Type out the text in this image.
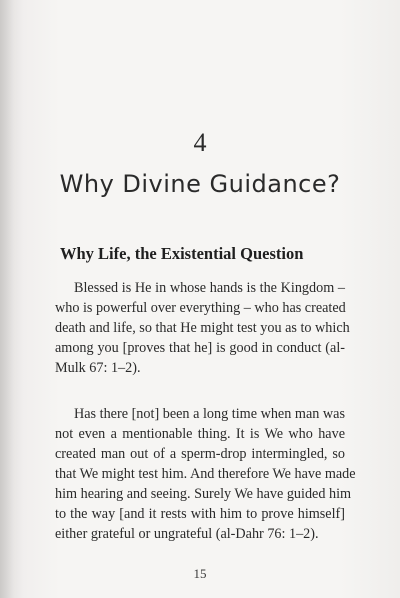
4
Why Divine Guidance?
Why Life, the Existential Question
Blessed is He in whose hands is the Kingdom –
who is powerful over everything – who has created
death and life, so that He might test you as to which
among you [proves that he] is good in conduct (al-
Mulk 67: 1–2).
Has there [not] been a long time when man was
not even a mentionable thing. It is We who have
created man out of a sperm-drop intermingled, so
that We might test him. And therefore We have made
him hearing and seeing. Surely We have guided him
to the way [and it rests with him to prove himself]
either grateful or ungrateful (al-Dahr 76: 1–2).
15
